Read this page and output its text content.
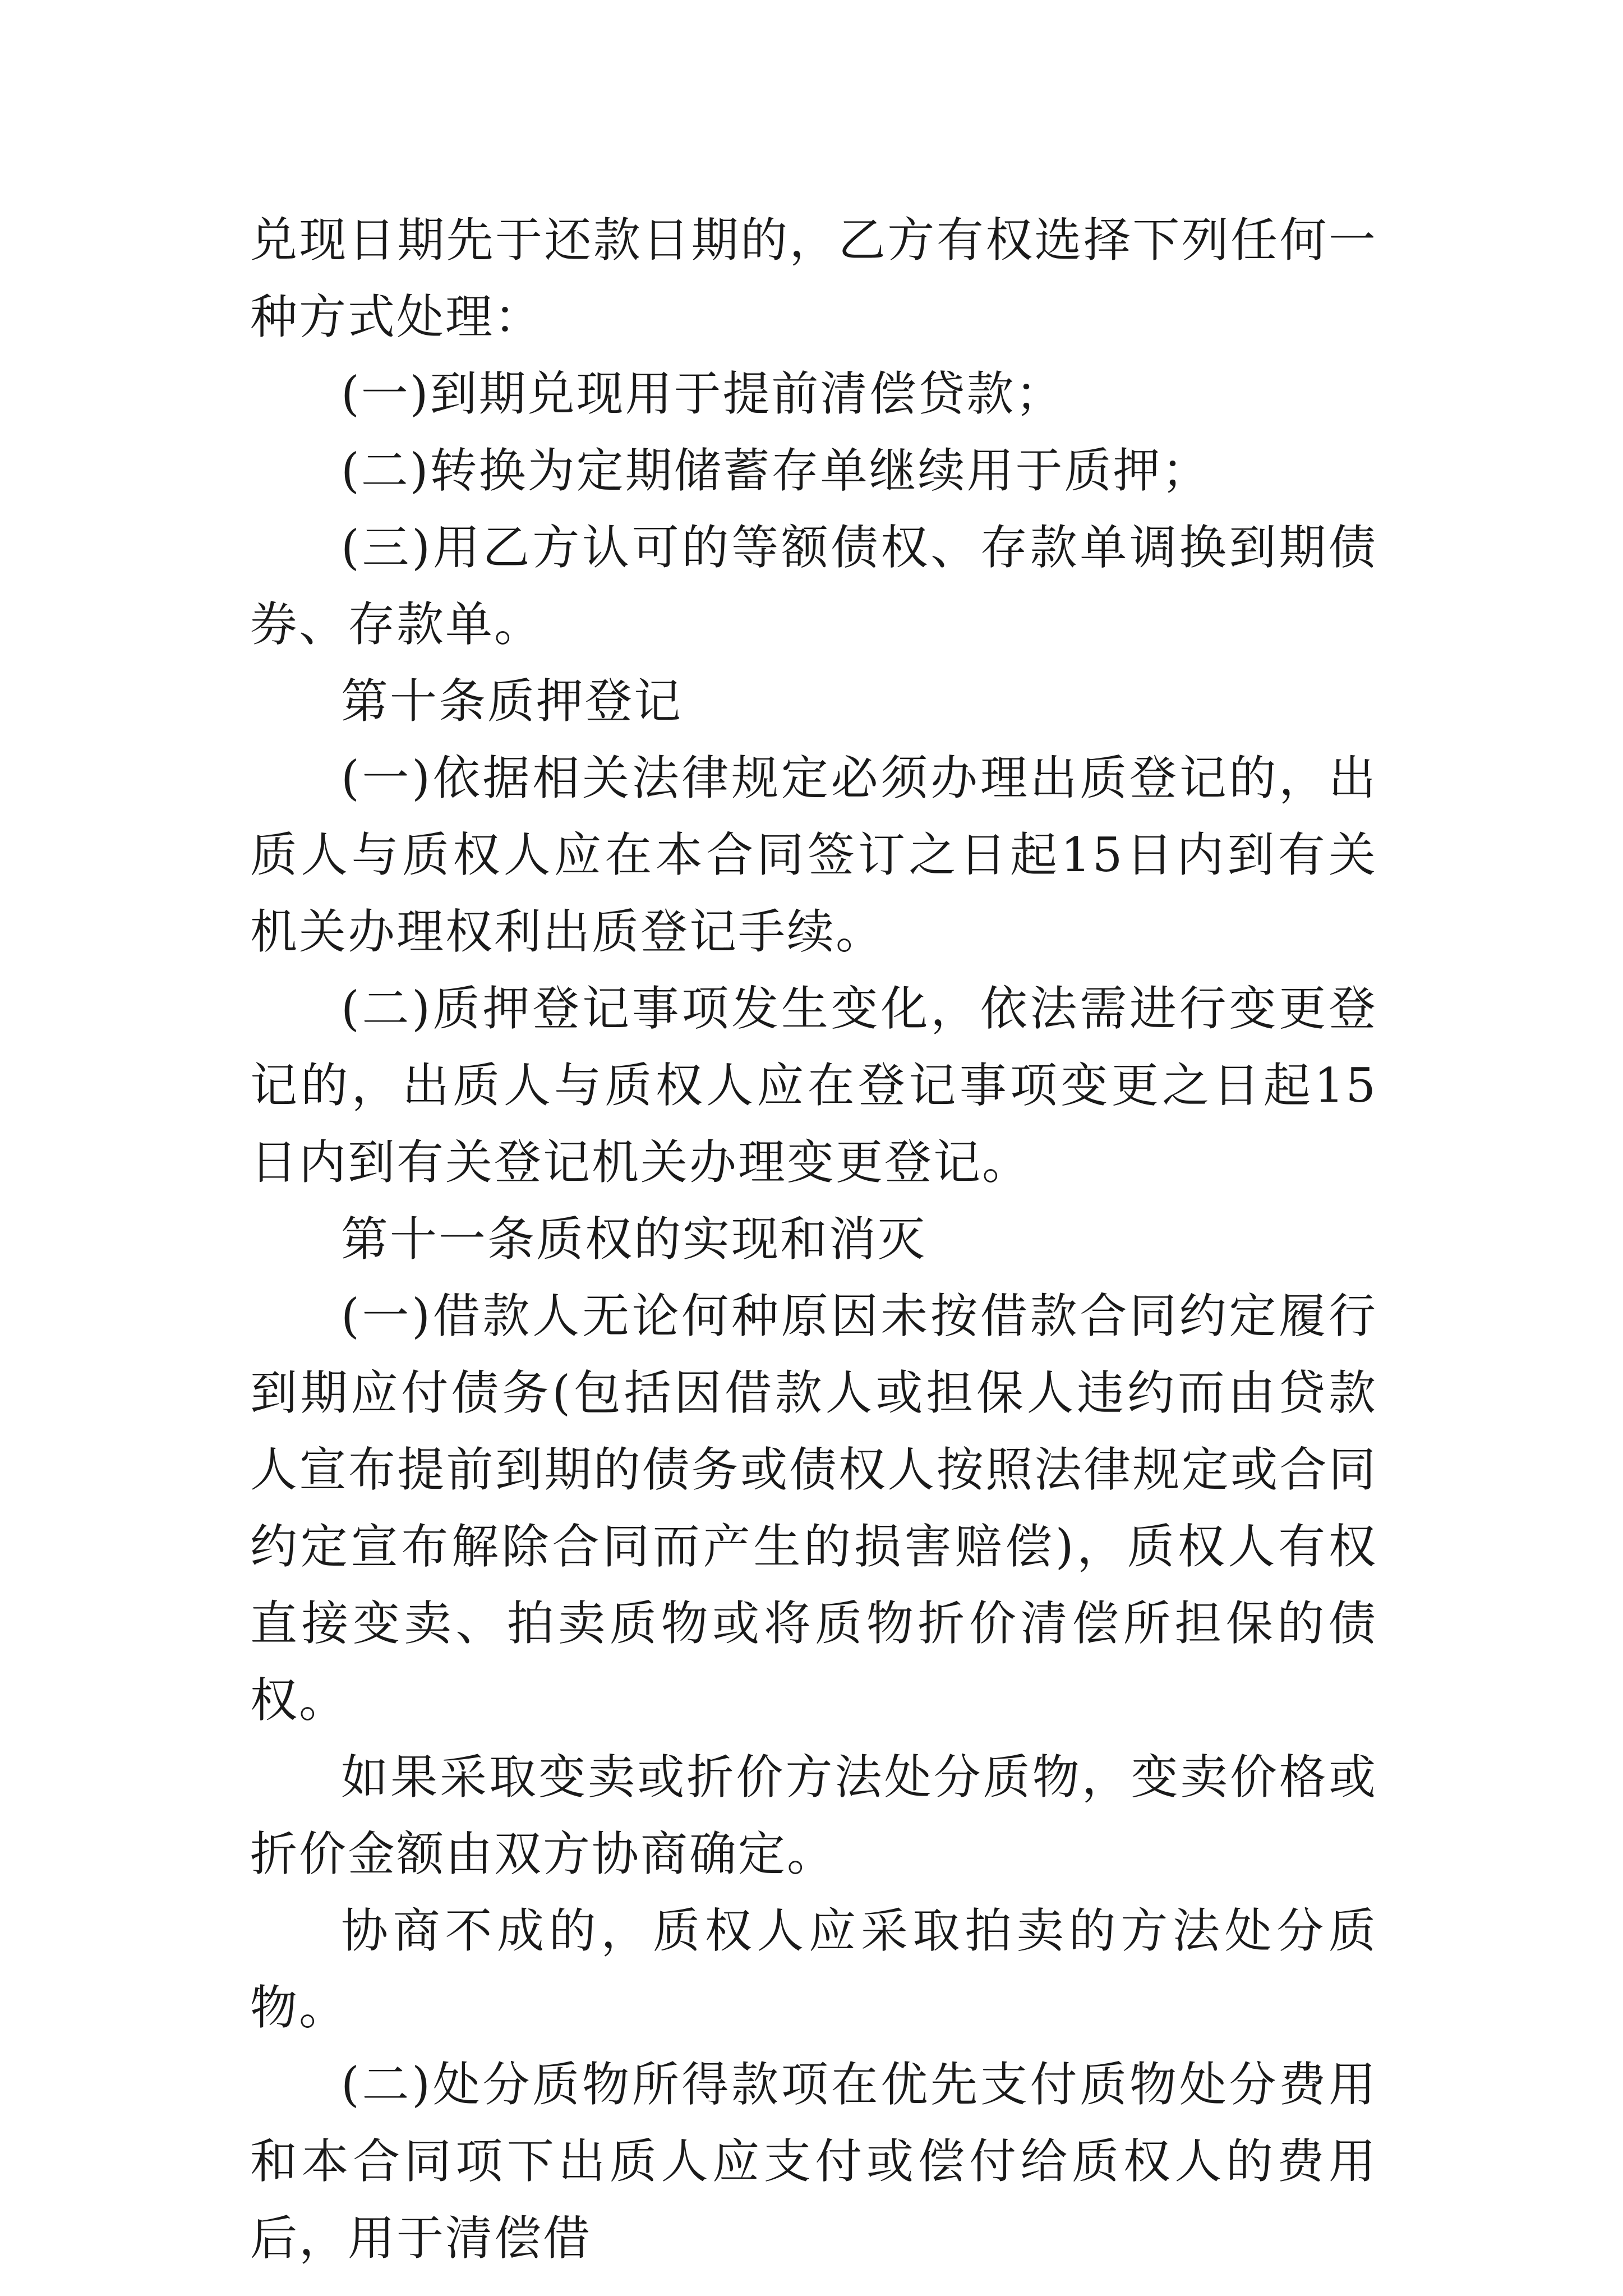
兑现日期先于还款日期的，乙方有权选择下列任何一种方式处理：

(一)到期兑现用于提前清偿贷款；

(二)转换为定期储蓄存单继续用于质押；

(三)用乙方认可的等额债权、存款单调换到期债券、存款单。

第十条质押登记

(一)依据相关法律规定必须办理出质登记的，出质人与质权人应在本合同签订之日起15日内到有关机关办理权利出质登记手续。

(二)质押登记事项发生变化，依法需进行变更登记的，出质人与质权人应在登记事项变更之日起15日内到有关登记机关办理变更登记。

第十一条质权的实现和消灭

(一)借款人无论何种原因未按借款合同约定履行到期应付债务(包括因借款人或担保人违约而由贷款人宣布提前到期的债务或债权人按照法律规定或合同约定宣布解除合同而产生的损害赔偿)，质权人有权直接变卖、拍卖质物或将质物折价清偿所担保的债权。

如果采取变卖或折价方法处分质物，变卖价格或折价金额由双方协商确定。

协商不成的，质权人应采取拍卖的方法处分质物。

(二)处分质物所得款项在优先支付质物处分费用和本合同项下出质人应支付或偿付给质权人的费用后，用于清偿借
